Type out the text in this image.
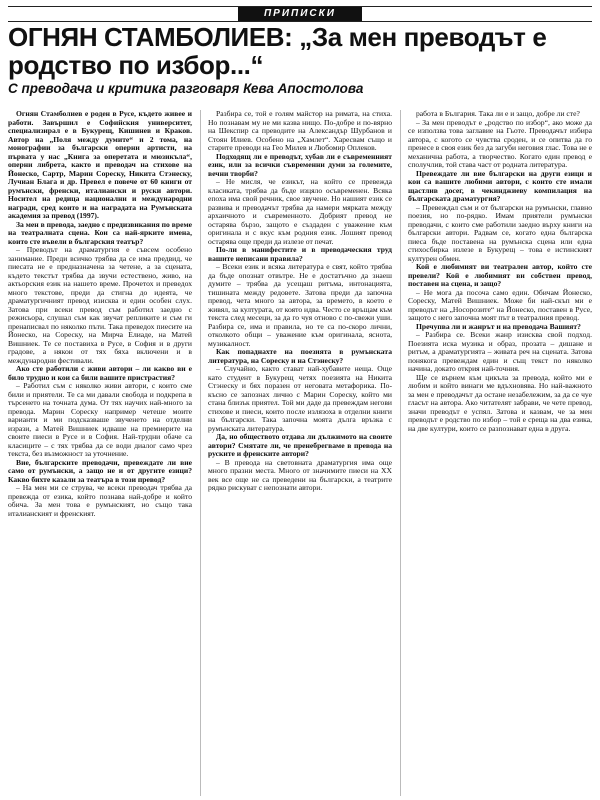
ПРИПИСКИ
ОГНЯН СТАМБОЛИЕВ: „За мен преводът е родство по избор...“
С преводача и критика разговаря Кева Апостолова

Огнян Стамболиев е роден в Русе, където живее и работи. Завършил е Софийския университет, специализирал е в Букурещ, Кишинев и Краков. Автор на „Поля между думите“ и 2 тома, на монографии за български оперни артисти, на първата у нас „Книга за оперетата и мюзикъла“, оперни либрета, както и преводач на стихове на Йонеско, Сартр, Марин Сореску, Никита Стэнеску, Лучиан Блага и др. Превел е повече от 60 книги от румънски, френски, италиански и руски автори. Носител на редица национални и международни награди, сред които и на наградата на Румънската академия за превод (1997).

За мен в превода, заедно с предизвикания по време на театралната сцена. Кои са най-ярките имена, които сте въвели в българския театър?

– Преводът на драматургия е съвсем особено занимание. Преди всичко трябва да се има предвид, че пиесата не е предназначена за четене, а за сцената, където текстът трябва да звучи естествено, живо, на актьорския език на нашето време. Прочетох и преведох много текстове, преди да стигна до идеята, че драматургичният превод изисква и един особен слух. Затова при всеки превод съм работил заедно с режисьора, слушал съм как звучат репликите и съм ги пренаписвал по няколко пъти. Така преведох пиесите на Йонеско, на Сореску, на Мирча Елиаде, на Матей Вишниек. Те се поставиха в Русе, в София и в други градове, а някои от тях бяха включени и в международни фестивали.

Ако сте работили с живи автори – ли какво ви е било трудно и кои са били вашите пристрастия?

– Работил съм с няколко живи автори, с които сме били и приятели. Те са ми давали свобода и подкрепа в търсенето на точната дума. От тях научих най-много за превода. Марин Сореску например четеше моите варианти и ми подсказваше звученето на отделни изрази, а Матей Вишниек идваше на премиерите на своите пиеси в Русе и в София. Най-трудни обаче са класиците – с тях трябва да се води диалог само чрез текста, без възможност за уточнение.

Вие, българските преводачи, превеждате ли вие само от румънски, а защо не и от другите езици? Какво бихте казали за театъра в този превод?

– На мен ми се струва, че всеки преводач трябва да превежда от езика, който познава най-добре и който обича. За мен това е румънският, но също така италианският и френският.

Разбира се, той е голям майстор на римата, на стиха. Но познавам му не ми казва нищо. По-добре и по-вярно на Шекспир са преводите на Александър Шурбанов и Стоян Илиев. Особено на „Хамлет“. Харесвам също и старите преводи на Гео Милев и Любомир Оплеков.

Подходящ ли е преводът, хубав ли е съвременният език, или за всички съвременни думи за големите, вечни творби?

– Не мисля, че езикът, на който се превежда класиката, трябва да бъде изцяло осъвременен. Всяка епоха има свой речник, свое звучене. Но нашият език се развива и преводачът трябва да намери мярката между архаичното и съвременното. Добрият превод не остарява бързо, защото е създаден с уважение към оригинала и с вкус към родния език. Лошият превод остарява още преди да излезе от печат.

По-ли в манифестите и в преводаческия труд вашите неписани правила?

– Всеки език и всяка литература е свят, който трябва да бъде опознат отвътре. Не е достатъчно да знаеш думите – трябва да усещаш ритъма, интонацията, тишината между редовете. Затова преди да започна превод, чета много за автора, за времето, в което е живял, за културата, от която идва. Често се връщам към текста след месеци, за да го чуя отново с по-свежи уши. Разбира се, има и правила, но те са по-скоро лични, отколкото общи – уважение към оригинала, яснота, музикалност.

Как попаднахте на поезията в румънската литература, на Сореску и на Стэнеску?

– Случайно, както стават най-хубавите неща. Още като студент в Букурещ четях поезията на Никита Стэнеску и бях поразен от неговата метафорика. По-късно се запознах лично с Марин Сореску, който ми стана близък приятел. Той ми даде да превеждам негови стихове и пиеси, които после излязоха в отделни книги на български. Така започна моята дълга връзка с румънската литература.

Да, но обществото отдава ли дължимото на своите автори? Смятате ли, че пренебрегваме в превода на руските и френските автори?

– В превода на световната драматургия има още много празни места. Много от значимите пиеси на ХХ век все още не са преведени на български, а театрите рядко рискуват с непознати автори.

работа в България. Така ли е и защо, добре ли сте?

– За мен преводът е „родство по избор“, ако може да се използва това заглавие на Гьоте. Преводачът избира автора, с когото се чувства сроден, и се опитва да го пренесе в своя език без да загуби неговия глас. Това не е механична работа, а творчество. Когато един превод е сполучлив, той става част от родната литература.

Превеждате ли вие български на други езици и кои са вашите любими автори, с които сте имали щастлив досег, в чекинджиеву компилация на българската драматургия?

– Превеждал съм и от български на румънски, главно поезия, но по-рядко. Имам приятели румънски преводачи, с които сме работили заедно върху книги на български автори. Радвам се, когато една българска пиеса бъде поставена на румънска сцена или една стихосбирка излезе в Букурещ – това е истинският културен обмен.

Кой е любимият ви театрален автор, който сте превели? Кой е любимият ви собствен превод, поставен на сцена, и защо?

– Не мога да посоча само един. Обичам Йонеско, Сореску, Матей Вишниек. Може би най-скъп ми е преводът на „Носорозите“ на Йонеско, поставен в Русе, защото с него започна моят път в театралния превод.

Пречупва ли и жанрът и на преводача Вашият?

– Разбира се. Всеки жанр изисква свой подход. Поезията иска музика и образ, прозата – дишане и ритъм, а драматургията – живата реч на сцената. Затова понякога превеждам един и същ текст по няколко начина, докато открия най-точния.

Ще се върнем към цикъла за превода, който ми е любим и който винаги ме вдъхновява. Но най-важното за мен е преводачът да остане незабележим, за да се чуе гласът на автора. Ако читателят забрави, че чете превод, значи преводът е успял. Затова и казвам, че за мен преводът е родство по избор – той е среща на два езика, на две култури, които се разпознават една в друга.
